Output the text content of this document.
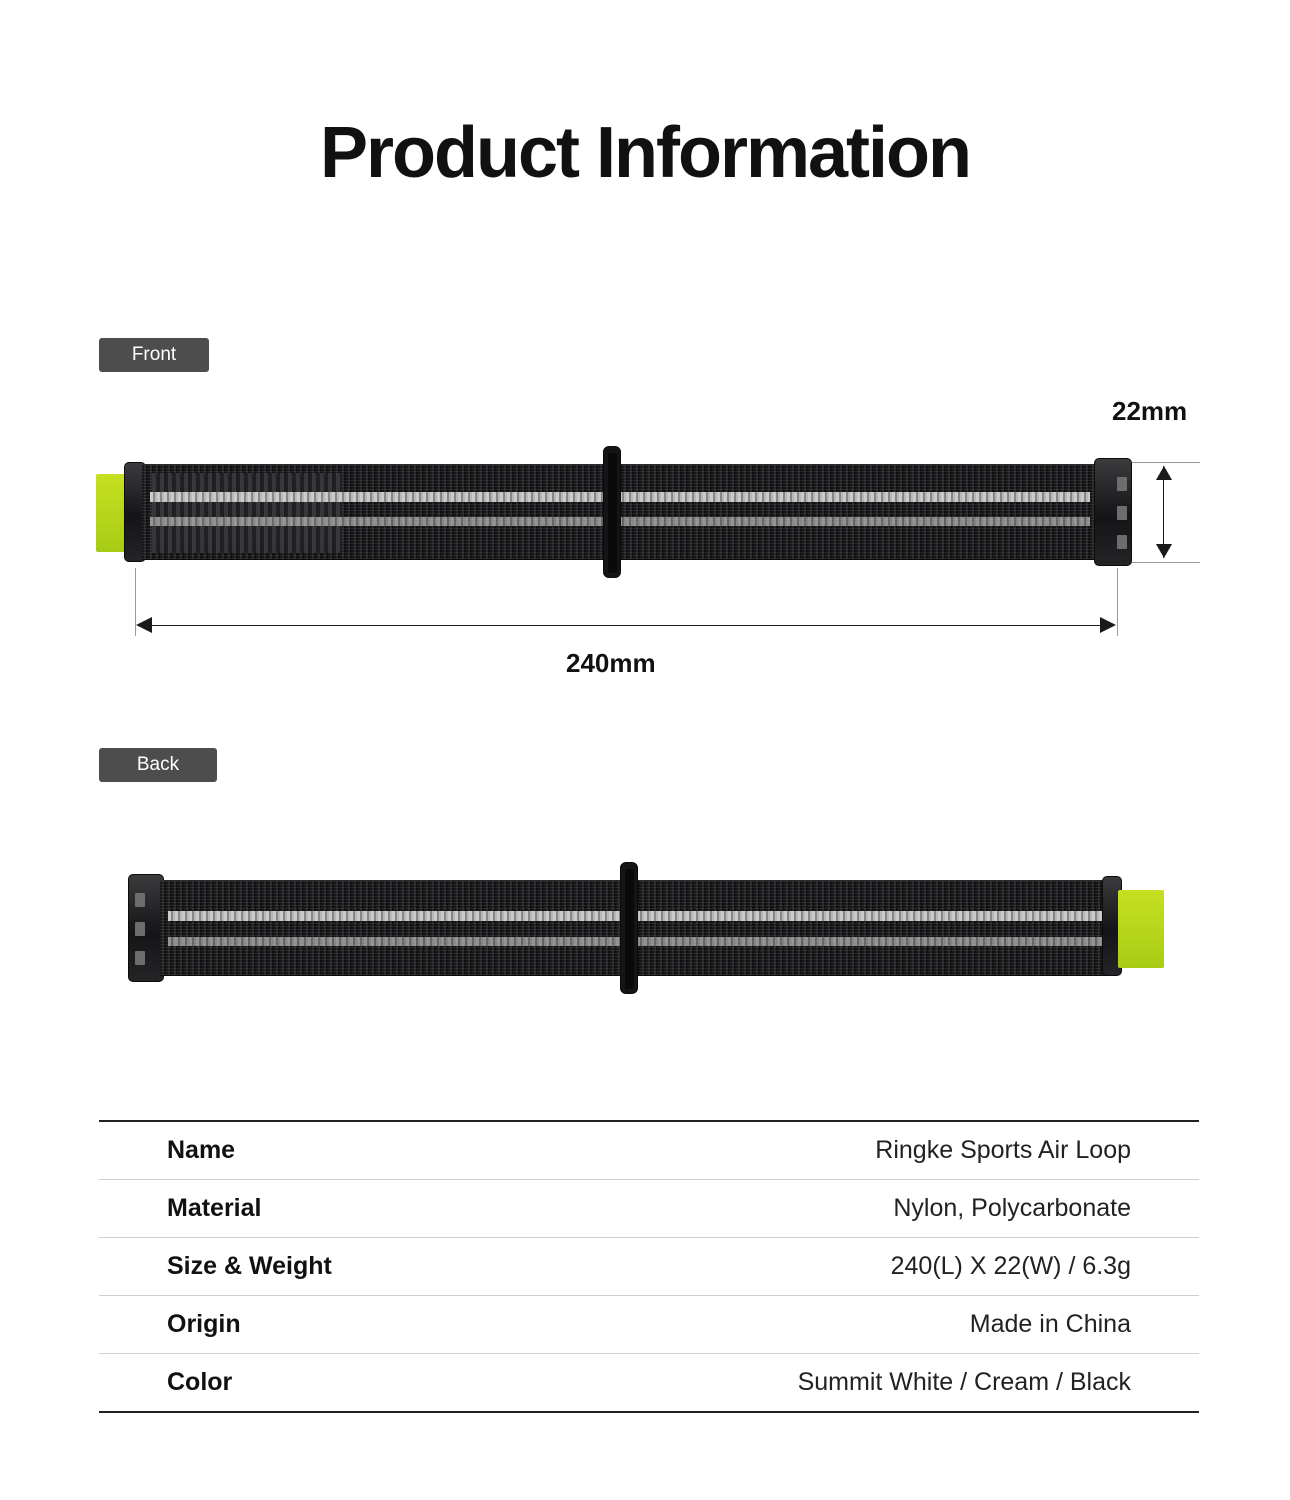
Product Information
Front
22mm
240mm
Back
Name	Ringke Sports Air Loop
Material	Nylon, Polycarbonate
Size & Weight	240(L) X 22(W) / 6.3g
Origin	Made in China
Color	Summit White / Cream / Black
